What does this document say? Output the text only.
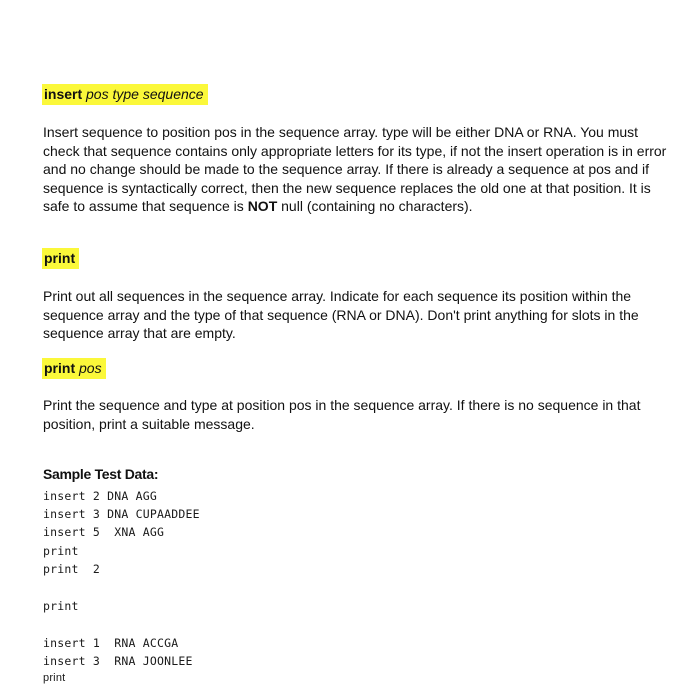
insert pos type sequence

Insert sequence to position pos in the sequence array. type will be either DNA or RNA. You must check that sequence contains only appropriate letters for its type, if not the insert operation is in error and no change should be made to the sequence array. If there is already a sequence at pos and if sequence is syntactically correct, then the new sequence replaces the old one at that position. It is safe to assume that sequence is NOT null (containing no characters).

print

Print out all sequences in the sequence array. Indicate for each sequence its position within the sequence array and the type of that sequence (RNA or DNA). Don't print anything for slots in the sequence array that are empty.

print pos

Print the sequence and type at position pos in the sequence array. If there is no sequence in that position, print a suitable message.

Sample Test Data:
insert 2 DNA AGG
insert 3 DNA CUPAADDEE
insert 5  XNA AGG
print
print  2
print
insert 1  RNA ACCGA
insert 3  RNA JOONLEE
print
